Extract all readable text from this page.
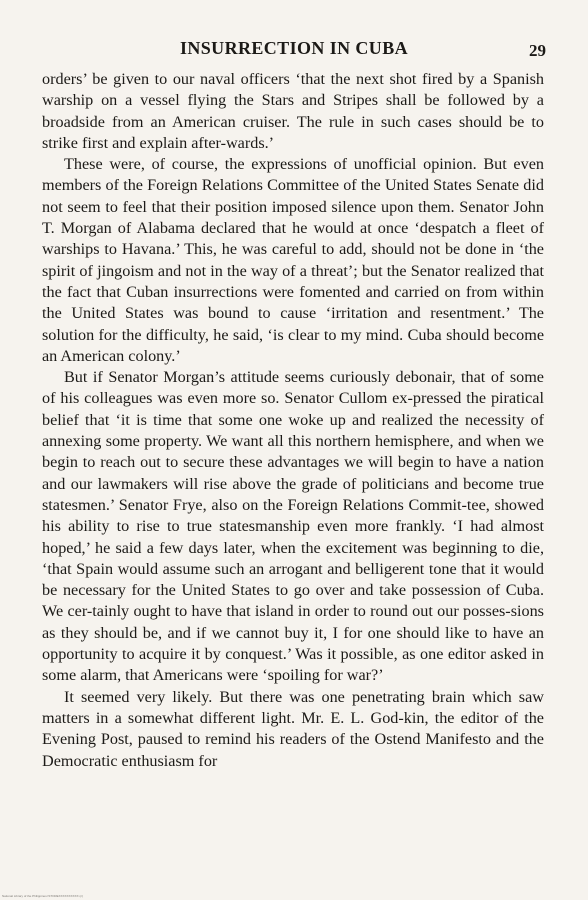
INSURRECTION IN CUBA	29

orders’ be given to our naval officers ‘that the next shot fired by a Spanish warship on a vessel flying the Stars and Stripes shall be followed by a broadside from an American cruiser. The rule in such cases should be to strike first and explain after-wards.’

These were, of course, the expressions of unofficial opinion. But even members of the Foreign Relations Committee of the United States Senate did not seem to feel that their position imposed silence upon them. Senator John T. Morgan of Alabama declared that he would at once ‘despatch a fleet of warships to Havana.’ This, he was careful to add, should not be done in ‘the spirit of jingoism and not in the way of a threat’; but the Senator realized that the fact that Cuban insurrections were fomented and carried on from within the United States was bound to cause ‘irritation and resentment.’ The solution for the difficulty, he said, ‘is clear to my mind. Cuba should become an American colony.’

But if Senator Morgan’s attitude seems curiously debonair, that of some of his colleagues was even more so. Senator Cullom ex-pressed the piratical belief that ‘it is time that some one woke up and realized the necessity of annexing some property. We want all this northern hemisphere, and when we begin to reach out to secure these advantages we will begin to have a nation and our lawmakers will rise above the grade of politicians and become true statesmen.’ Senator Frye, also on the Foreign Relations Commit-tee, showed his ability to rise to true statesmanship even more frankly. ‘I had almost hoped,’ he said a few days later, when the excitement was beginning to die, ‘that Spain would assume such an arrogant and belligerent tone that it would be necessary for the United States to go over and take possession of Cuba. We cer-tainly ought to have that island in order to round out our posses-sions as they should be, and if we cannot buy it, I for one should like to have an opportunity to acquire it by conquest.’ Was it possible, as one editor asked in some alarm, that Americans were ‘spoiling for war?’

It seemed very likely. But there was one penetrating brain which saw matters in a somewhat different light. Mr. E. L. God-kin, the editor of the Evening Post, paused to remind his readers of the Ostend Manifesto and the Democratic enthusiasm for

National Library of the Philippines ISTOREXXXXXXXXXX (c)
